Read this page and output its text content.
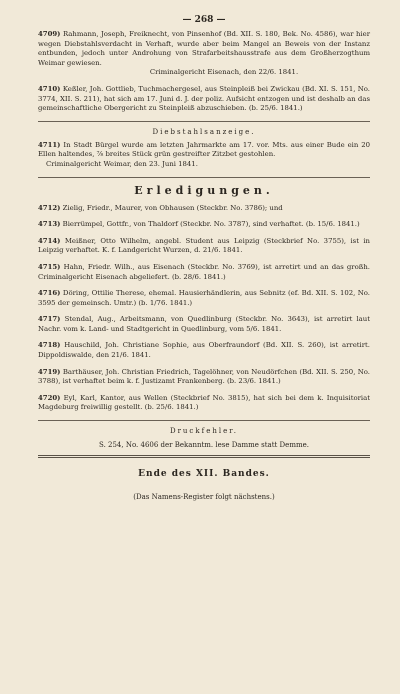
— 268 —

4709) Rahmann, Joseph, Freiknecht, von Pinsenhof (Bd. XII. S. 180, Bek. No. 4586), war hier wegen Diebstahlsverdacht in Verhaft, wurde aber beim Mangel an Beweis von der Instanz entbunden, jedoch unter Androhung von Strafarbeitshausstrafe aus dem Großherzogthum Weimar gewiesen.
Criminalgericht Eisenach, den 22/6. 1841.

4710) Keßler, Joh. Gottlieb, Tuchmachergesel, aus Steinpleiß bei Zwickau (Bd. XI. S. 151, No. 3774, XII. S. 211), hat sich am 17. Juni d. J. der poliz. Aufsicht entzogen und ist deshalb an das gemeinschaftliche Obergericht zu Steinpleiß abzuschieben. (b. 25/6. 1841.)

Diebstahlsanzeige.

4711) In Stadt Bürgel wurde am letzten Jahrmarkte am 17. vor. Mts. aus einer Bude ein 20 Ellen haltendes, ⅞ breites Stück grün gestreifter Zitzbet gestohlen.
Criminalgericht Weimar, den 23. Juni 1841.

Erledigungen.

4712) Zielig, Friedr., Maurer, von Obhausen (Steckbr. No. 3786); und

4713) Bierrümpel, Gottfr., von Thaldorf (Steckbr. No. 3787), sind verhaftet. (b. 15/6. 1841.)

4714) Meißner, Otto Wilhelm, angebl. Student aus Leipzig (Steckbrief No. 3755), ist in Leipzig verhaftet. K. f. Landgericht Wurzen, d. 21/6. 1841.

4715) Hahn, Friedr. Wilh., aus Eisenach (Steckbr. No. 3769), ist arretirt und an das großh. Criminalgericht Eisenach abgeliefert. (b. 28/6. 1841.)

4716) Döring, Ottilie Therese, ehemal. Hausierhändlerin, aus Sebnitz (ef. Bd. XII. S. 102, No. 3595 der gemeinsch. Umtr.) (b. 1/76. 1841.)

4717) Stendal, Aug., Arbeitsmann, von Quedlinburg (Steckbr. No. 3643), ist arretirt laut Nachr. vom k. Land- und Stadtgericht in Quedlinburg, vom 5/6. 1841.

4718) Hauschild, Joh. Christiane Sophie, aus Oberfraundorf (Bd. XII. S. 260), ist arretirt. Dippoldiswalde, den 21/6. 1841.

4719) Barthäuser, Joh. Christian Friedrich, Tagelöhner, von Neudörfchen (Bd. XII. S. 250, No. 3788), ist verhaftet beim k. f. Justizamt Frankenberg. (b. 23/6. 1841.)

4720) Eyl, Karl, Kantor, aus Wellen (Steckbrief No. 3815), hat sich bei dem k. Inquisitoriat Magdeburg freiwillig gestellt. (b. 25/6. 1841.)

Druckfehler.
S. 254, No. 4606 der Bekanntm. lese Damme statt Demme.
Ende des XII. Bandes.
(Das Namens-Register folgt nächstens.)
